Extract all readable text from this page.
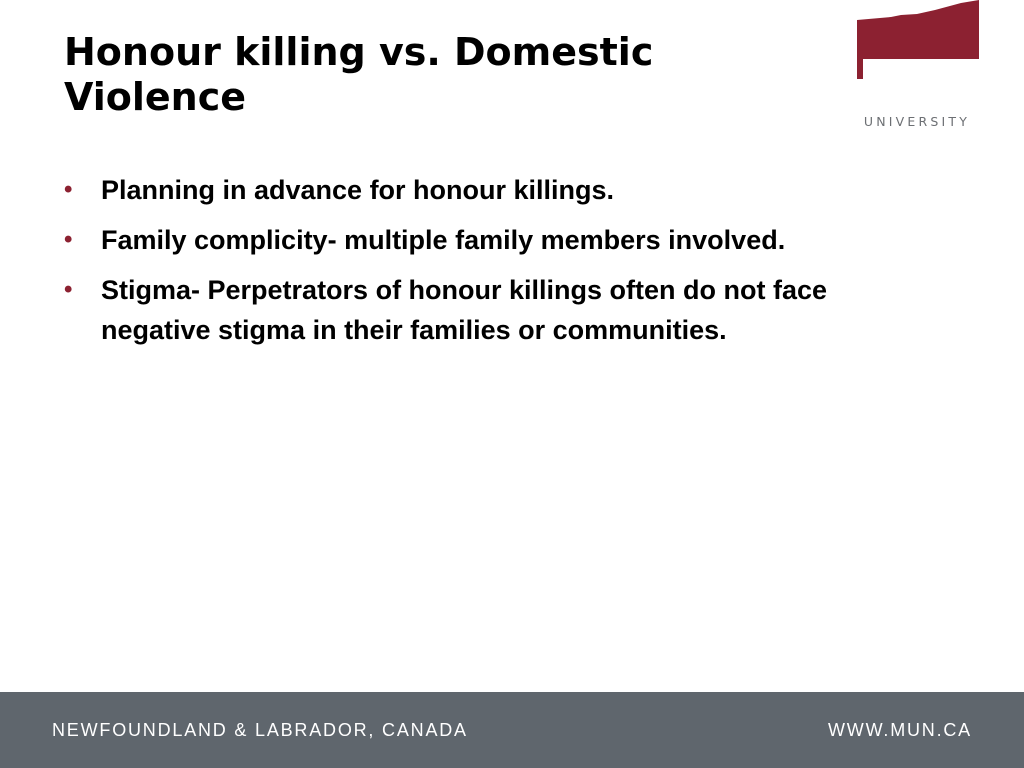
Honour killing vs. Domestic Violence	MEMORIAL
UNIVERSITY
•	Planning in advance for honour killings.
•	Family complicity- multiple family members involved.
•	Stigma- Perpetrators of honour killings often do not face negative stigma in their families or communities.
NEWFOUNDLAND & LABRADOR, CANADA	WWW.MUN.CA
